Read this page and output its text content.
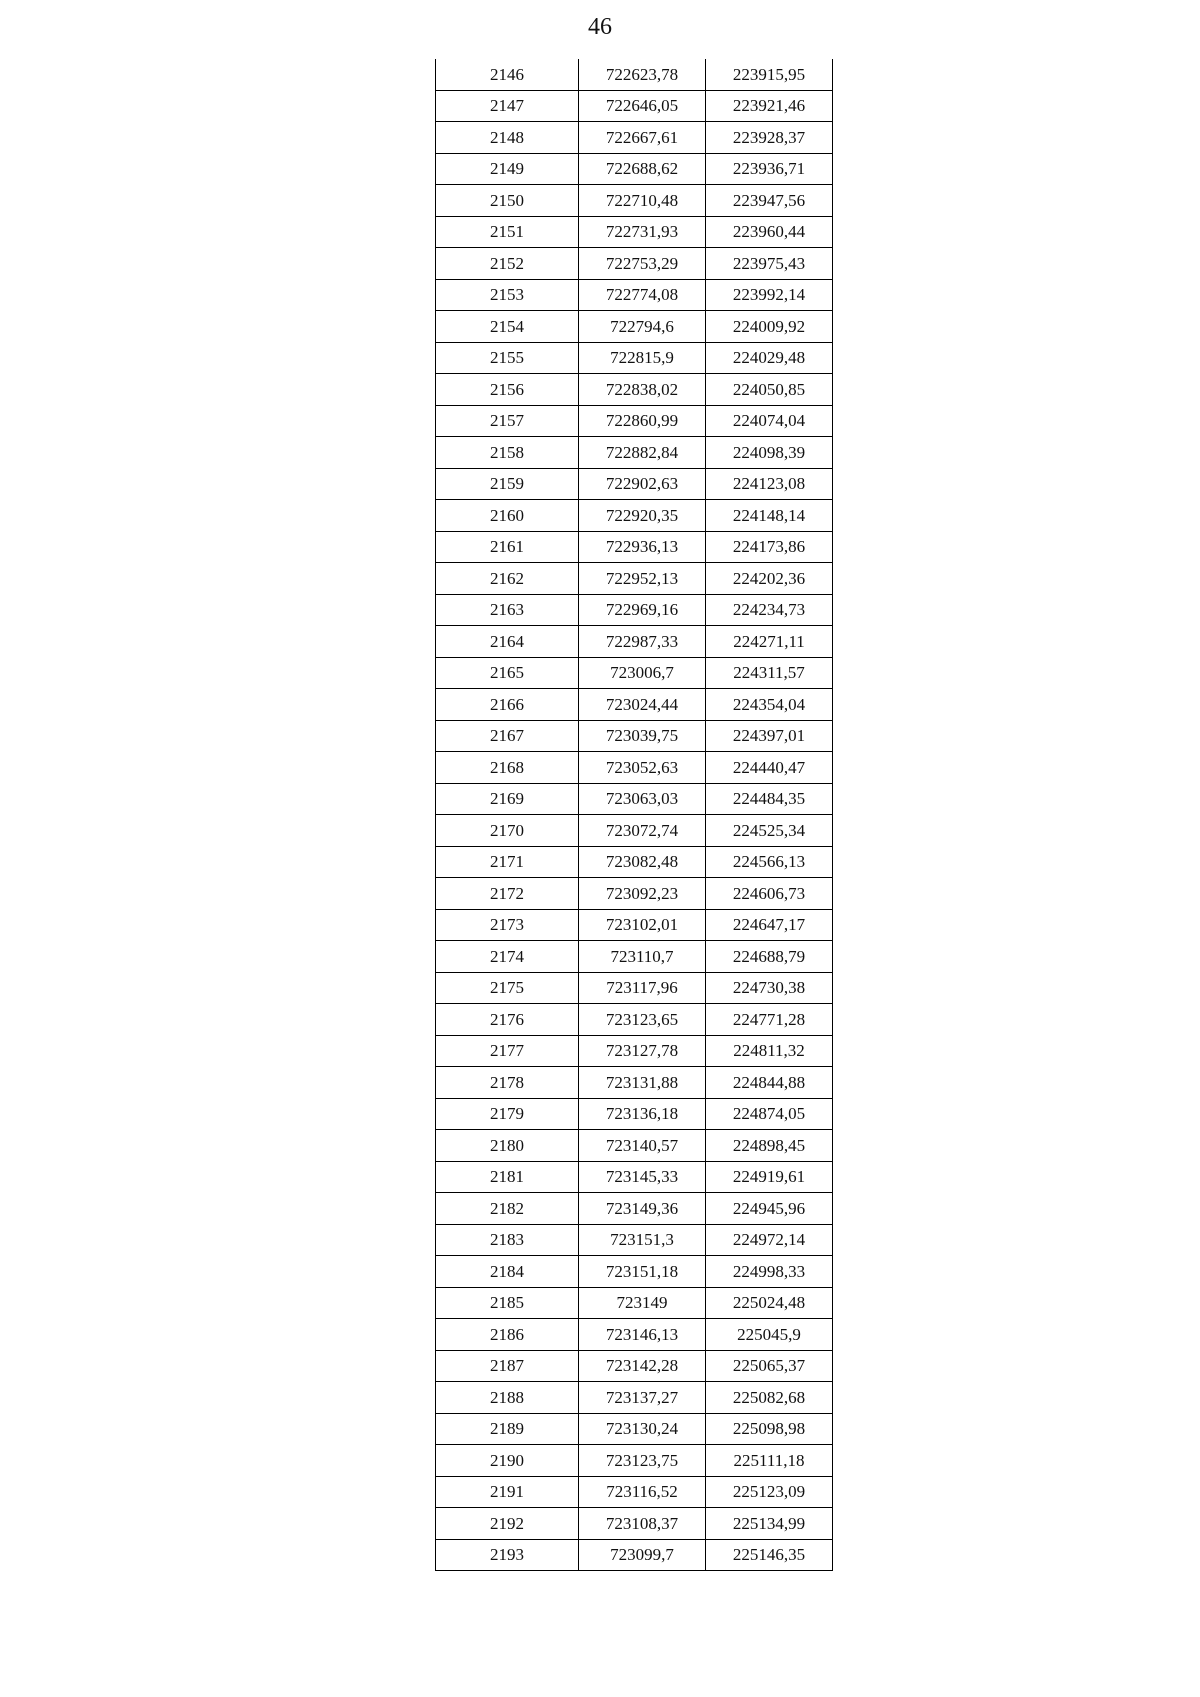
46
2146	722623,78	223915,95
2147	722646,05	223921,46
2148	722667,61	223928,37
2149	722688,62	223936,71
2150	722710,48	223947,56
2151	722731,93	223960,44
2152	722753,29	223975,43
2153	722774,08	223992,14
2154	722794,6	224009,92
2155	722815,9	224029,48
2156	722838,02	224050,85
2157	722860,99	224074,04
2158	722882,84	224098,39
2159	722902,63	224123,08
2160	722920,35	224148,14
2161	722936,13	224173,86
2162	722952,13	224202,36
2163	722969,16	224234,73
2164	722987,33	224271,11
2165	723006,7	224311,57
2166	723024,44	224354,04
2167	723039,75	224397,01
2168	723052,63	224440,47
2169	723063,03	224484,35
2170	723072,74	224525,34
2171	723082,48	224566,13
2172	723092,23	224606,73
2173	723102,01	224647,17
2174	723110,7	224688,79
2175	723117,96	224730,38
2176	723123,65	224771,28
2177	723127,78	224811,32
2178	723131,88	224844,88
2179	723136,18	224874,05
2180	723140,57	224898,45
2181	723145,33	224919,61
2182	723149,36	224945,96
2183	723151,3	224972,14
2184	723151,18	224998,33
2185	723149	225024,48
2186	723146,13	225045,9
2187	723142,28	225065,37
2188	723137,27	225082,68
2189	723130,24	225098,98
2190	723123,75	225111,18
2191	723116,52	225123,09
2192	723108,37	225134,99
2193	723099,7	225146,35
